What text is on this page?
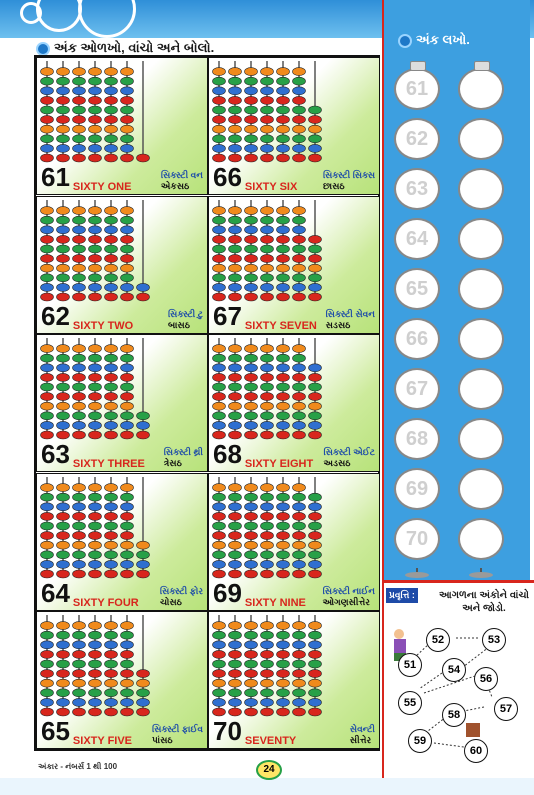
અંક ઓળખો, વાંચો અને બોલો.
61 SIXTY ONE
સિક્સ્ટી વન
એકસઠ 66 SIXTY SIX
સિક્સ્ટી સિક્સ
છાસઠ
62 SIXTY TWO
સિક્સ્ટી ટુ
બાસઠ 67 SIXTY SEVEN
સિક્સ્ટી સેવન
સડસઠ
63 SIXTY THREE
સિક્સ્ટી થ્રી
ત્રેસઠ	68 SIXTY EIGHT
સિક્સ્ટી એઈટ
અડસઠ
64 SIXTY FOUR
સિક્સ્ટી ફોર
ચોસઠ	69 SIXTY NINE
સિક્સ્ટી નાઈન
ઓગણસીત્તેર
65 SIXTY FIVE
સિક્સ્ટી ફાઈવ
પાંસઠ	70 SEVENTY
સેવન્ટી
સીત્તેર
અંક લખો.
61
62
63
64
65
66
67
68
69
70
પ્રવૃત્તિ :	આગળના અંકોને વાંચો અને જોડો.
51
52	53
54
55
56
57
58
59
60
અંકાર - નંબર્સ 1 થી 100	24
